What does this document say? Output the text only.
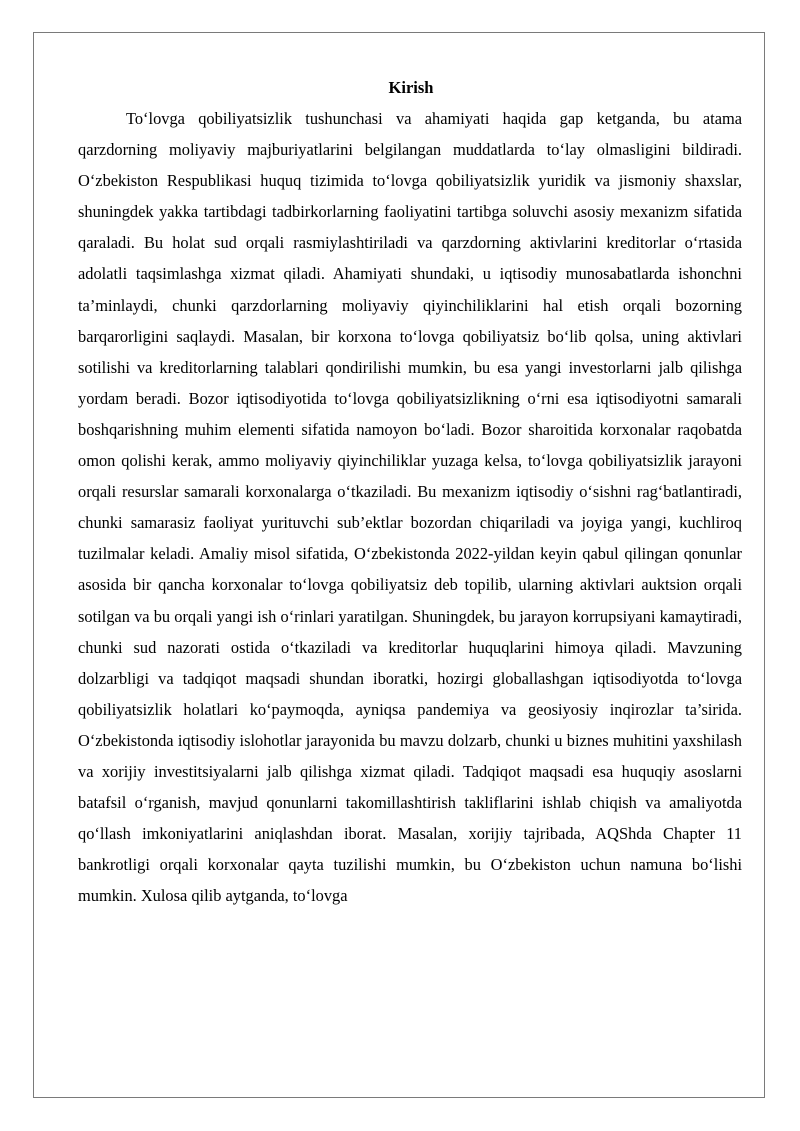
Kirish

To‘lovga qobiliyatsizlik tushunchasi va ahamiyati haqida gap ketganda, bu atama qarzdorning moliyaviy majburiyatlarini belgilangan muddatlarda to‘lay olmasligini bildiradi. O‘zbekiston Respublikasi huquq tizimida to‘lovga qobiliyatsizlik yuridik va jismoniy shaxslar, shuningdek yakka tartibdagi tadbirkorlarning faoliyatini tartibga soluvchi asosiy mexanizm sifatida qaraladi. Bu holat sud orqali rasmiylashtiriladi va qarzdorning aktivlarini kreditorlar o‘rtasida adolatli taqsimlashga xizmat qiladi. Ahamiyati shundaki, u iqtisodiy munosabatlarda ishonchni ta’minlaydi, chunki qarzdorlarning moliyaviy qiyinchiliklarini hal etish orqali bozorning barqarorligini saqlaydi. Masalan, bir korxona to‘lovga qobiliyatsiz bo‘lib qolsa, uning aktivlari sotilishi va kreditorlarning talablari qondirilishi mumkin, bu esa yangi investorlarni jalb qilishga yordam beradi. Bozor iqtisodiyotida to‘lovga qobiliyatsizlikning o‘rni esa iqtisodiyotni samarali boshqarishning muhim elementi sifatida namoyon bo‘ladi. Bozor sharoitida korxonalar raqobatda omon qolishi kerak, ammo moliyaviy qiyinchiliklar yuzaga kelsa, to‘lovga qobiliyatsizlik jarayoni orqali resurslar samarali korxonalarga o‘tkaziladi. Bu mexanizm iqtisodiy o‘sishni rag‘batlantiradi, chunki samarasiz faoliyat yurituvchi sub’ektlar bozordan chiqariladi va joyiga yangi, kuchliroq tuzilmalar keladi. Amaliy misol sifatida, O‘zbekistonda 2022-yildan keyin qabul qilingan qonunlar asosida bir qancha korxonalar to‘lovga qobiliyatsiz deb topilib, ularning aktivlari auktsion orqali sotilgan va bu orqali yangi ish o‘rinlari yaratilgan. Shuningdek, bu jarayon korrupsiyani kamaytiradi, chunki sud nazorati ostida o‘tkaziladi va kreditorlar huquqlarini himoya qiladi. Mavzuning dolzarbligi va tadqiqot maqsadi shundan iboratki, hozirgi globallashgan iqtisodiyotda to‘lovga qobiliyatsizlik holatlari ko‘paymoqda, ayniqsa pandemiya va geosiyosiy inqirozlar ta’sirida. O‘zbekistonda iqtisodiy islohotlar jarayonida bu mavzu dolzarb, chunki u biznes muhitini yaxshilash va xorijiy investitsiyalarni jalb qilishga xizmat qiladi. Tadqiqot maqsadi esa huquqiy asoslarni batafsil o‘rganish, mavjud qonunlarni takomillashtirish takliflarini ishlab chiqish va amaliyotda qo‘llash imkoniyatlarini aniqlashdan iborat. Masalan, xorijiy tajribada, AQShda Chapter 11 bankrotligi orqali korxonalar qayta tuzilishi mumkin, bu O‘zbekiston uchun namuna bo‘lishi mumkin. Xulosa qilib aytganda, to‘lovga
